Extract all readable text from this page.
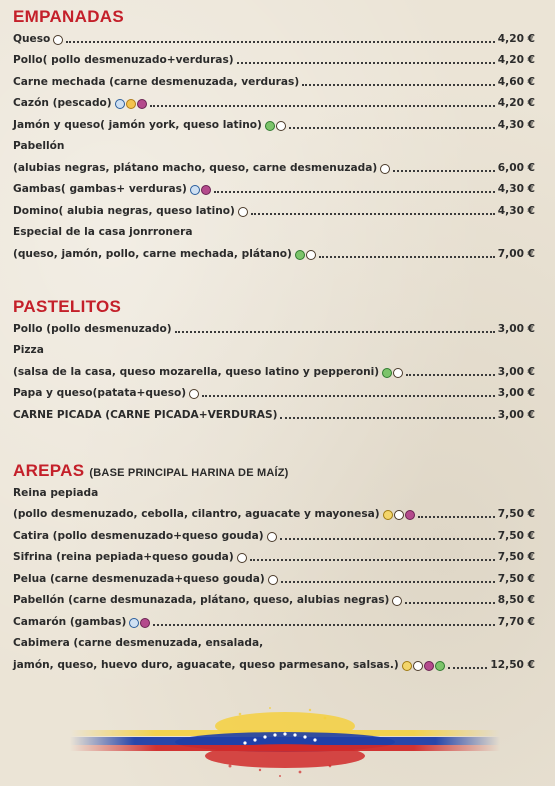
EMPANADAS
Queso	4,20 €
Pollo( pollo desmenuzado+verduras)	4,20 €
Carne mechada (carne desmenuzada, verduras)	4,60 €
Cazón (pescado)	4,20 €
Jamón y queso( jamón york, queso latino)	4,30 €
Pabellón
(alubias negras, plátano macho, queso, carne desmenuzada)	6,00 €
Gambas( gambas+ verduras)	4,30 €
Domino( alubia negras, queso latino)	4,30 €
Especial de la casa jonrronera
(queso, jamón, pollo, carne mechada, plátano)	7,00 €
PASTELITOS
Pollo (pollo desmenuzado)	3,00 €
Pizza
(salsa de la casa, queso mozarella, queso latino y pepperoni)	3,00 €
Papa y queso(patata+queso)	3,00 €
CARNE PICADA (CARNE PICADA+VERDURAS)	3,00 €
AREPAS (BASE PRINCIPAL HARINA DE MAÍZ)
Reina pepiada
(pollo desmenuzado, cebolla, cilantro, aguacate y mayonesa)	7,50 €
Catira (pollo desmenuzado+queso gouda)	7,50 €
Sifrina (reina pepiada+queso gouda)	7,50 €
Pelua (carne desmenuzada+queso gouda)	7,50 €
Pabellón (carne desmunazada, plátano, queso, alubias negras)	8,50 €
Camarón (gambas)	7,70 €
Cabimera (carne desmenuzada, ensalada,
jamón, queso, huevo duro, aguacate, queso parmesano, salsas.)	12,50 €
